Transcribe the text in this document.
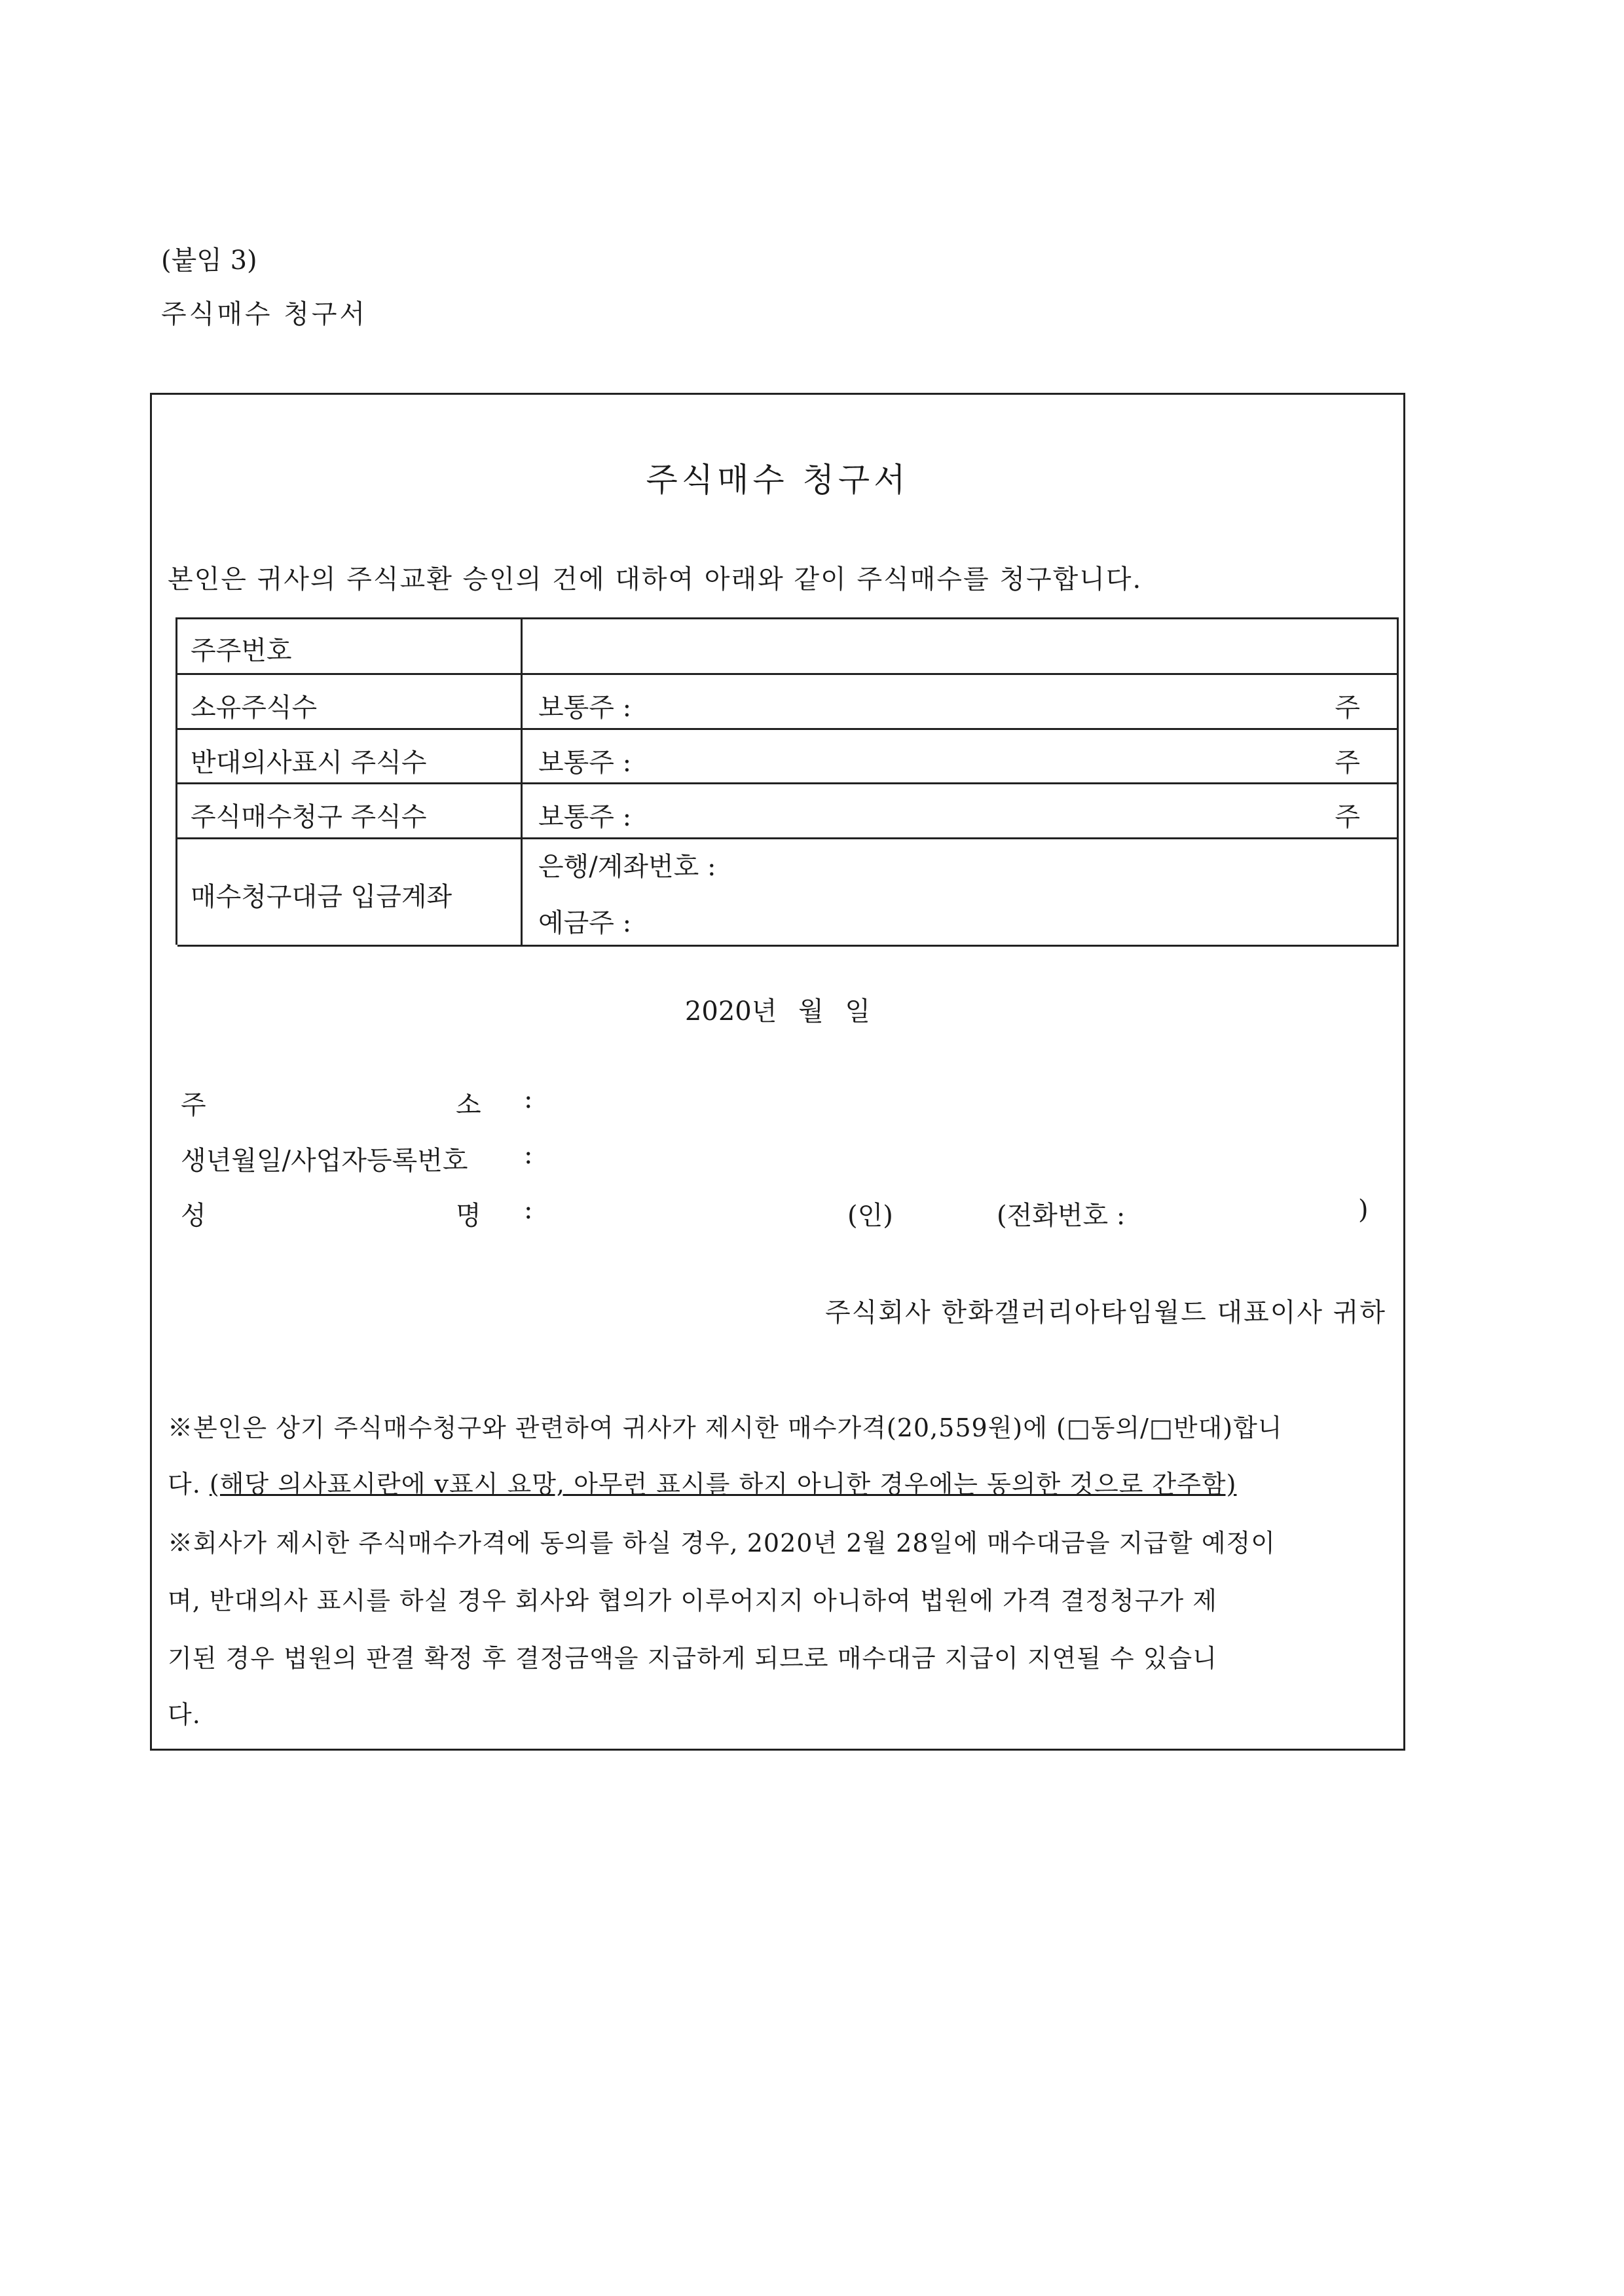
(붙임 3)
주식매수 청구서
주식매수 청구서
본인은 귀사의 주식교환 승인의 건에 대하여 아래와 같이 주식매수를 청구합니다.
주주번호
소유주식수	보통주 :	주
반대의사표시 주식수	보통주 :	주
주식매수청구 주식수	보통주 :	주
매수청구대금 입금계좌
은행/계좌번호 :
예금주 :
2020년 월 일
주	소 :
생년월일/사업자등록번호 :
성	명 :	(인)	(전화번호 :	)
주식회사 한화갤러리아타임월드 대표이사 귀하
※본인은 상기 주식매수청구와 관련하여 귀사가 제시한 매수가격(20,559원)에 (□동의/□반대)합니
다. (해당 의사표시란에 v표시 요망, 아무런 표시를 하지 아니한 경우에는 동의한 것으로 간주함)
※회사가 제시한 주식매수가격에 동의를 하실 경우, 2020년 2월 28일에 매수대금을 지급할 예정이
며, 반대의사 표시를 하실 경우 회사와 협의가 이루어지지 아니하여 법원에 가격 결정청구가 제
기된 경우 법원의 판결 확정 후 결정금액을 지급하게 되므로 매수대금 지급이 지연될 수 있습니
다.
